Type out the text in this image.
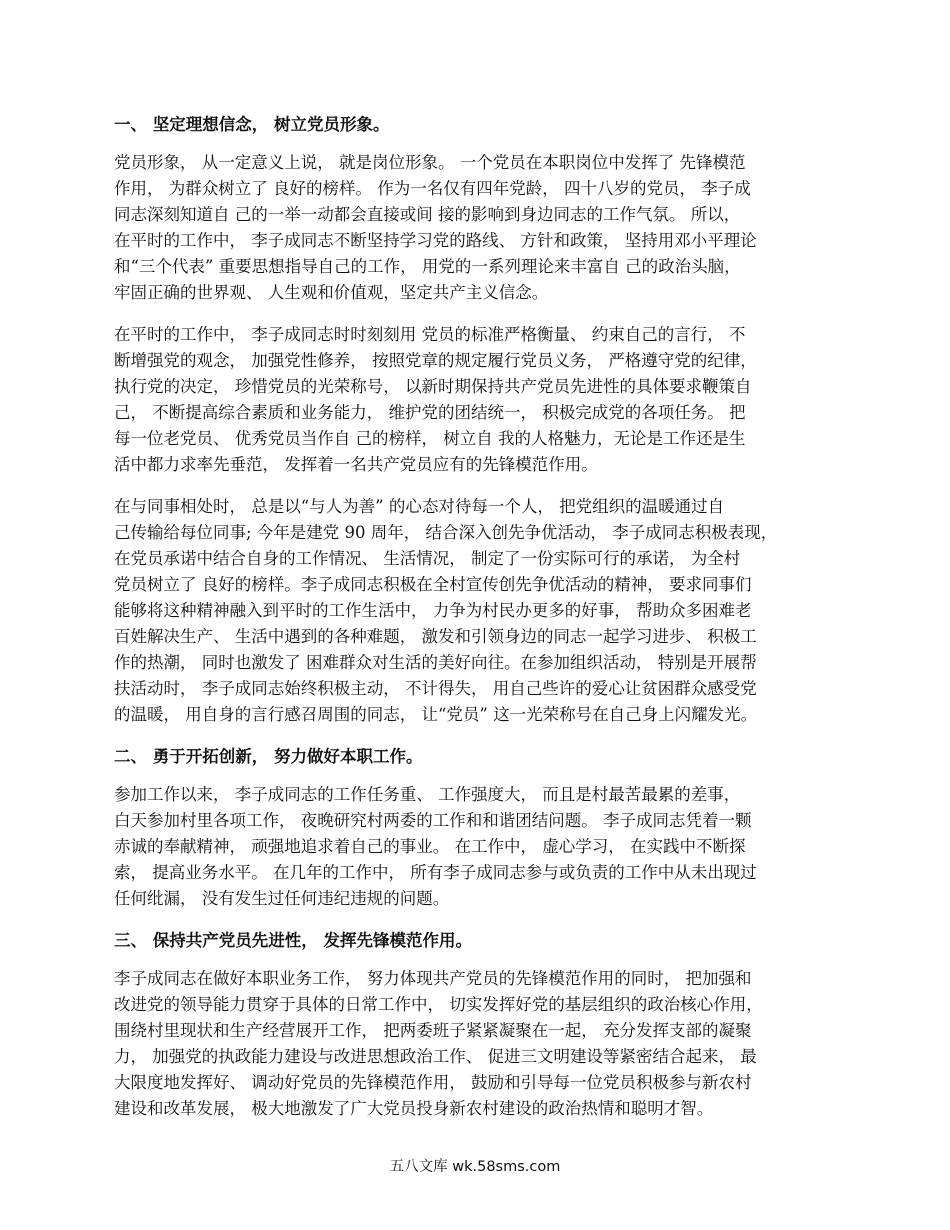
一、 坚定理想信念， 树立党员形象。
党员形象， 从一定意义上说， 就是岗位形象。 一个党员在本职岗位中发挥了 先锋模范
作用， 为群众树立了 良好的榜样。 作为一名仅有四年党龄， 四十八岁的党员， 李子成
同志深刻知道自 己的一举一动都会直接或间 接的影响到身边同志的工作气氛。 所以，
在平时的工作中， 李子成同志不断坚持学习党的路线、 方针和政策， 坚持用邓小平理论
和“三个代表” 重要思想指导自己的工作， 用党的一系列理论来丰富自 己的政治头脑，
牢固正确的世界观、 人生观和价值观，坚定共产主义信念。
在平时的工作中， 李子成同志时时刻刻用 党员的标准严格衡量、 约束自己的言行， 不
断增强党的观念， 加强党性修养， 按照党章的规定履行党员义务， 严格遵守党的纪律，
执行党的决定， 珍惜党员的光荣称号， 以新时期保持共产党员先进性的具体要求鞭策自
己， 不断提高综合素质和业务能力， 维护党的团结统一， 积极完成党的各项任务。 把
每一位老党员、 优秀党员当作自 己的榜样， 树立自 我的人格魅力，无论是工作还是生
活中都力求率先垂范， 发挥着一名共产党员应有的先锋模范作用。
在与同事相处时， 总是以“与人为善” 的心态对待每一个人， 把党组织的温暖通过自
己传输给每位同事; 今年是建党 90 周年， 结合深入创先争优活动， 李子成同志积极表现，
在党员承诺中结合自身的工作情况、 生活情况， 制定了一份实际可行的承诺， 为全村
党员树立了 良好的榜样。李子成同志积极在全村宣传创先争优活动的精神， 要求同事们
能够将这种精神融入到平时的工作生活中， 力争为村民办更多的好事， 帮助众多困难老
百姓解决生产、 生活中遇到的各种难题， 激发和引领身边的同志一起学习进步、 积极工
作的热潮， 同时也激发了 困难群众对生活的美好向往。在参加组织活动， 特别是开展帮
扶活动时， 李子成同志始终积极主动， 不计得失， 用自己些许的爱心让贫困群众感受党
的温暖， 用自身的言行感召周围的同志， 让“党员” 这一光荣称号在自己身上闪耀发光。
二、 勇于开拓创新， 努力做好本职工作。
参加工作以来， 李子成同志的工作任务重、 工作强度大， 而且是村最苦最累的差事，
白天参加村里各项工作， 夜晚研究村两委的工作和和谐团结问题。 李子成同志凭着一颗
赤诚的奉献精神， 顽强地追求着自己的事业。 在工作中， 虚心学习， 在实践中不断探
索， 提高业务水平。 在几年的工作中， 所有李子成同志参与或负责的工作中从未出现过
任何纰漏， 没有发生过任何违纪违规的问题。
三、 保持共产党员先进性， 发挥先锋模范作用。
李子成同志在做好本职业务工作， 努力体现共产党员的先锋模范作用的同时， 把加强和
改进党的领导能力贯穿于具体的日常工作中， 切实发挥好党的基层组织的政治核心作用，
围绕村里现状和生产经营展开工作， 把两委班子紧紧凝聚在一起， 充分发挥支部的凝聚
力， 加强党的执政能力建设与改进思想政治工作、 促进三文明建设等紧密结合起来， 最
大限度地发挥好、 调动好党员的先锋模范作用， 鼓励和引导每一位党员积极参与新农村
建设和改革发展， 极大地激发了广大党员投身新农村建设的政治热情和聪明才智。
五八文库 wk.58sms.com
